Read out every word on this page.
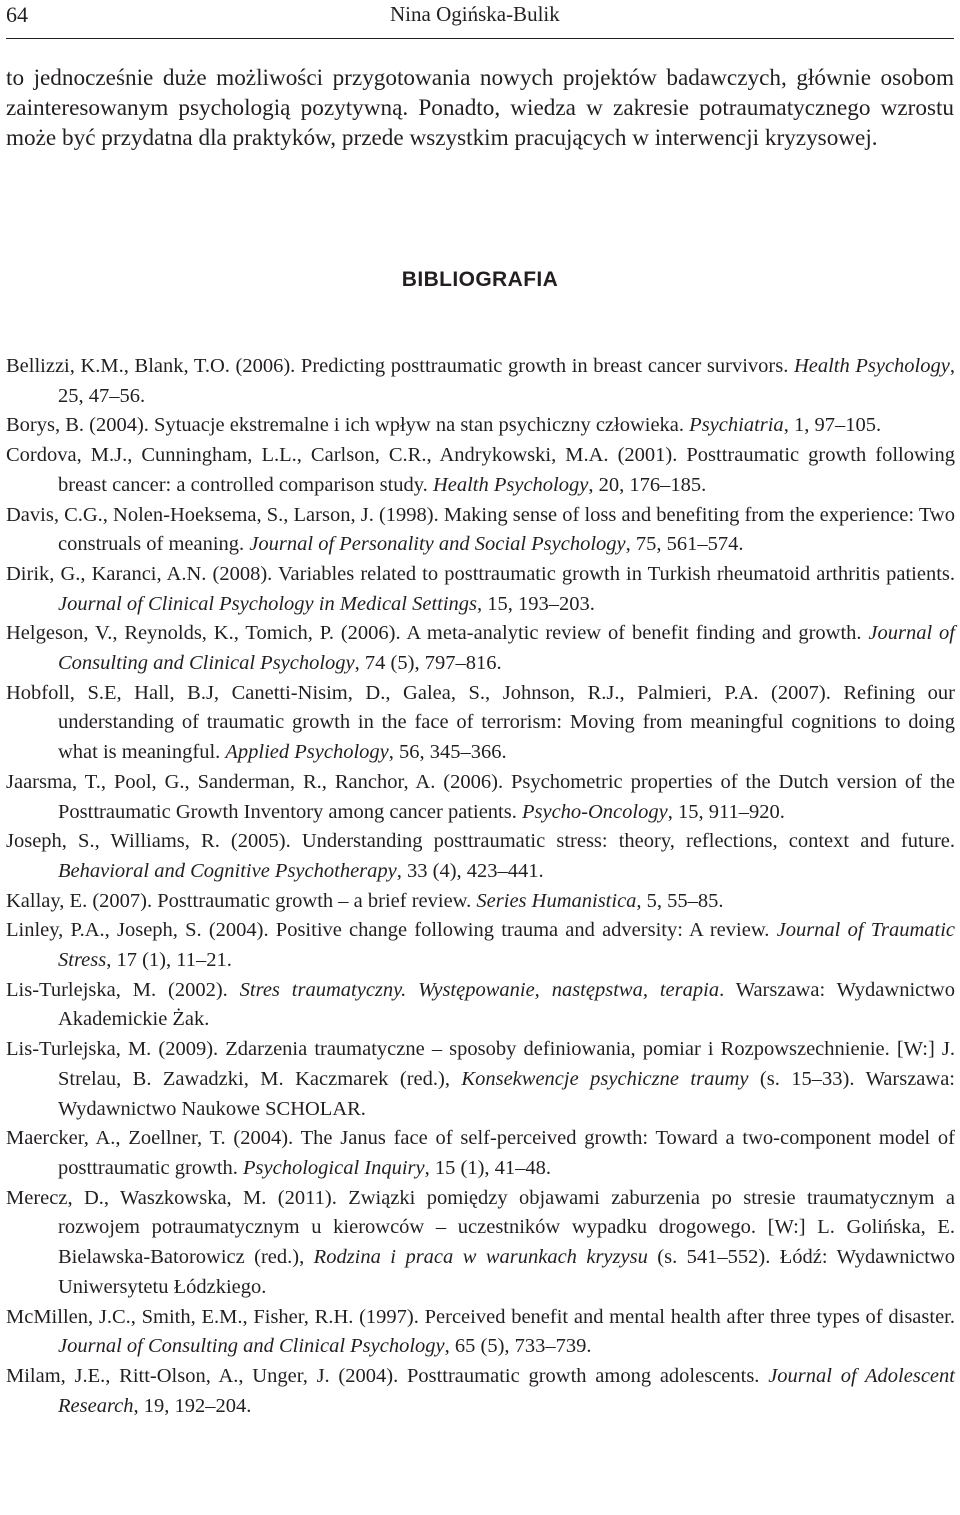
64	Nina Ogińska-Bulik

to jednocześnie duże możliwości przygotowania nowych projektów badawczych, głównie osobom zainteresowanym psychologią pozytywną. Ponadto, wiedza w zakresie potraumatycznego wzrostu może być przydatna dla praktyków, przede wszystkim pracujących w interwencji kryzysowej.

BIBLIOGRAFIA
Bellizzi, K.M., Blank, T.O. (2006). Predicting posttraumatic growth in breast cancer survivors. Health Psychology, 25, 47–56.
Borys, B. (2004). Sytuacje ekstremalne i ich wpływ na stan psychiczny człowieka. Psychiatria, 1, 97–105.
Cordova, M.J., Cunningham, L.L., Carlson, C.R., Andrykowski, M.A. (2001). Posttraumatic growth following breast cancer: a controlled comparison study. Health Psychology, 20, 176–185.
Davis, C.G., Nolen-Hoeksema, S., Larson, J. (1998). Making sense of loss and benefiting from the experience: Two construals of meaning. Journal of Personality and Social Psychology, 75, 561–574.
Dirik, G., Karanci, A.N. (2008). Variables related to posttraumatic growth in Turkish rheumatoid arthritis patients. Journal of Clinical Psychology in Medical Settings, 15, 193–203.
Helgeson, V., Reynolds, K., Tomich, P. (2006). A meta-analytic review of benefit finding and growth. Journal of Consulting and Clinical Psychology, 74 (5), 797–816.
Hobfoll, S.E, Hall, B.J, Canetti-Nisim, D., Galea, S., Johnson, R.J., Palmieri, P.A. (2007). Refining our understanding of traumatic growth in the face of terrorism: Moving from meaningful cognitions to doing what is meaningful. Applied Psychology, 56, 345–366.
Jaarsma, T., Pool, G., Sanderman, R., Ranchor, A. (2006). Psychometric properties of the Dutch version of the Posttraumatic Growth Inventory among cancer patients. Psycho-Oncology, 15, 911–920.
Joseph, S., Williams, R. (2005). Understanding posttraumatic stress: theory, reflections, context and future. Behavioral and Cognitive Psychotherapy, 33 (4), 423–441.
Kallay, E. (2007). Posttraumatic growth – a brief review. Series Humanistica, 5, 55–85.
Linley, P.A., Joseph, S. (2004). Positive change following trauma and adversity: A review. Journal of Traumatic Stress, 17 (1), 11–21.
Lis-Turlejska, M. (2002). Stres traumatyczny. Występowanie, następstwa, terapia. Warszawa: Wydawnictwo Akademickie Żak.
Lis-Turlejska, M. (2009). Zdarzenia traumatyczne – sposoby definiowania, pomiar i Rozpowszechnienie. [W:] J. Strelau, B. Zawadzki, M. Kaczmarek (red.), Konsekwencje psychiczne traumy (s. 15–33). Warszawa: Wydawnictwo Naukowe SCHOLAR.
Maercker, A., Zoellner, T. (2004). The Janus face of self-perceived growth: Toward a two-component model of posttraumatic growth. Psychological Inquiry, 15 (1), 41–48.
Merecz, D., Waszkowska, M. (2011). Związki pomiędzy objawami zaburzenia po stresie traumatycznym a rozwojem potraumatycznym u kierowców – uczestników wypadku drogowego. [W:] L. Golińska, E. Bielawska-Batorowicz (red.), Rodzina i praca w warunkach kryzysu (s. 541–552). Łódź: Wydawnictwo Uniwersytetu Łódzkiego.
McMillen, J.C., Smith, E.M., Fisher, R.H. (1997). Perceived benefit and mental health after three types of disaster. Journal of Consulting and Clinical Psychology, 65 (5), 733–739.
Milam, J.E., Ritt-Olson, A., Unger, J. (2004). Posttraumatic growth among adolescents. Journal of Adolescent Research, 19, 192–204.
